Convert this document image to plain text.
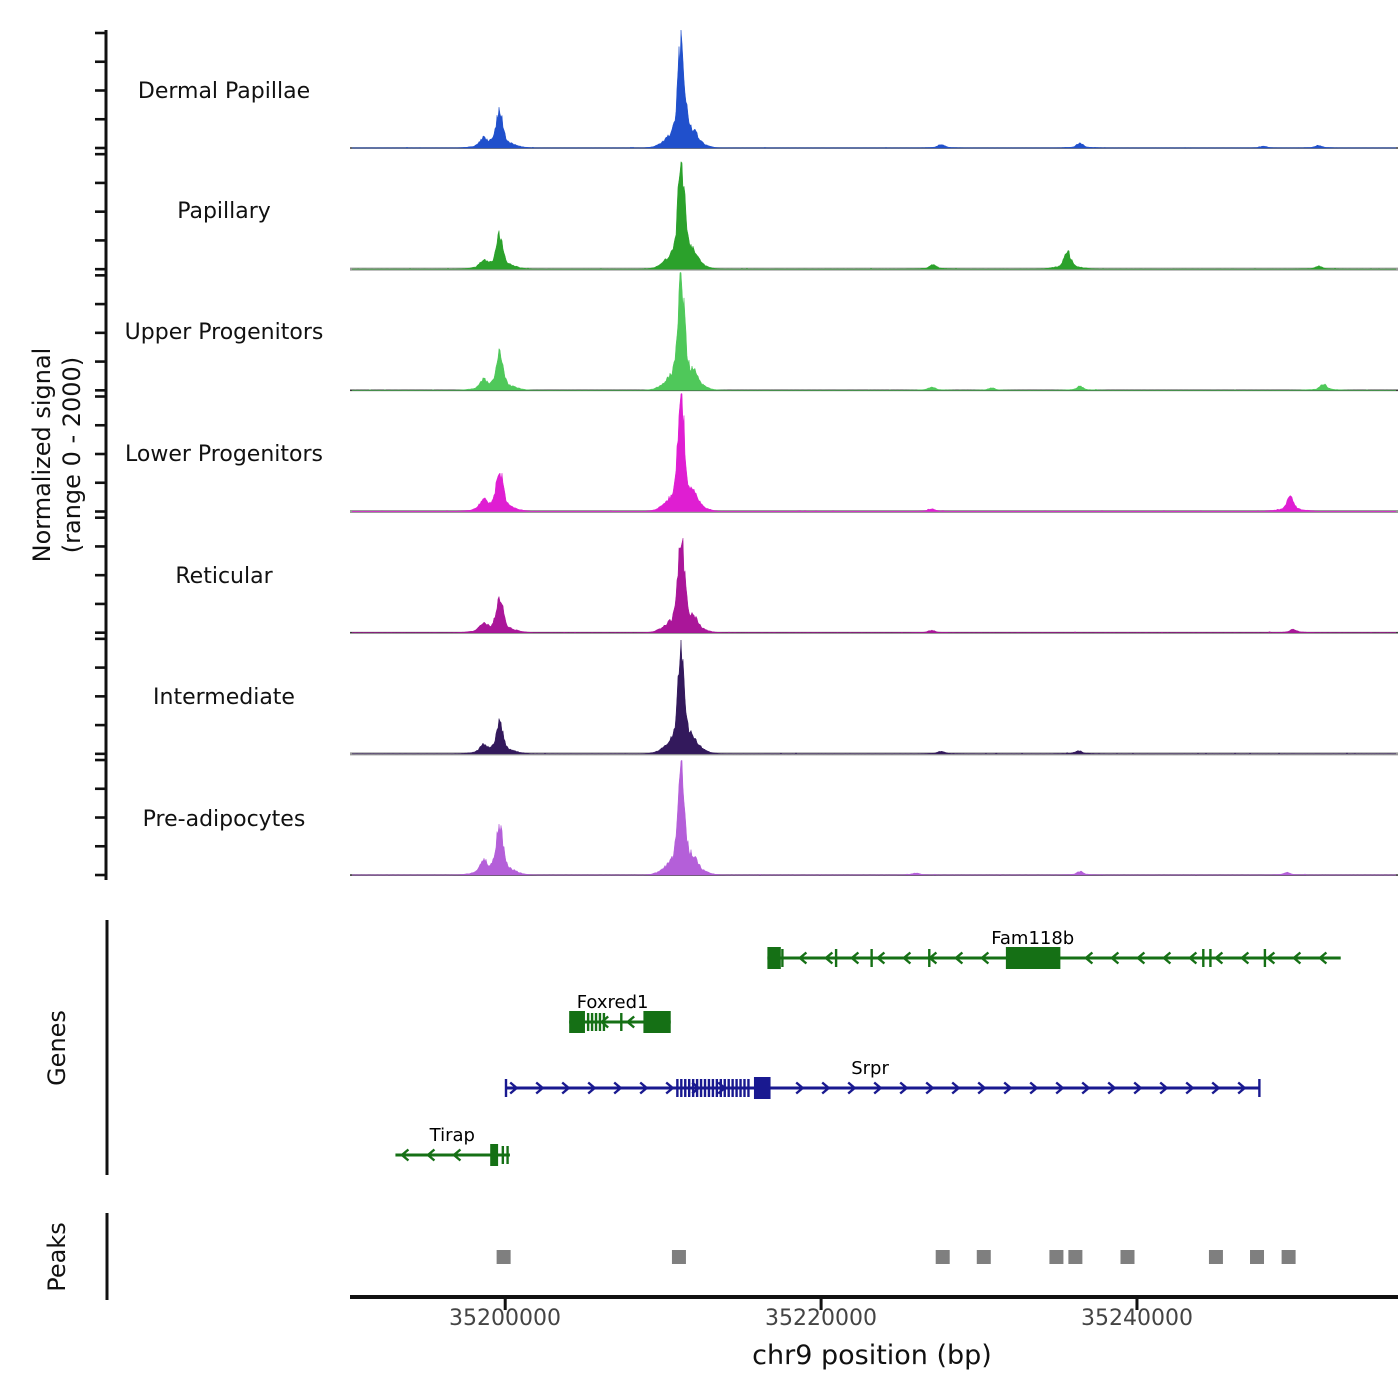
Normalized signal (range 0 - 2000)
Dermal Papillae
Papillary
Upper Progenitors
Lower Progenitors
Reticular
Intermediate
Pre-adipocytes
Genes
Peaks
35200000	35220000	35240000
chr9 position (bp)
Fam118b
Foxred1
Srpr
Tirap
